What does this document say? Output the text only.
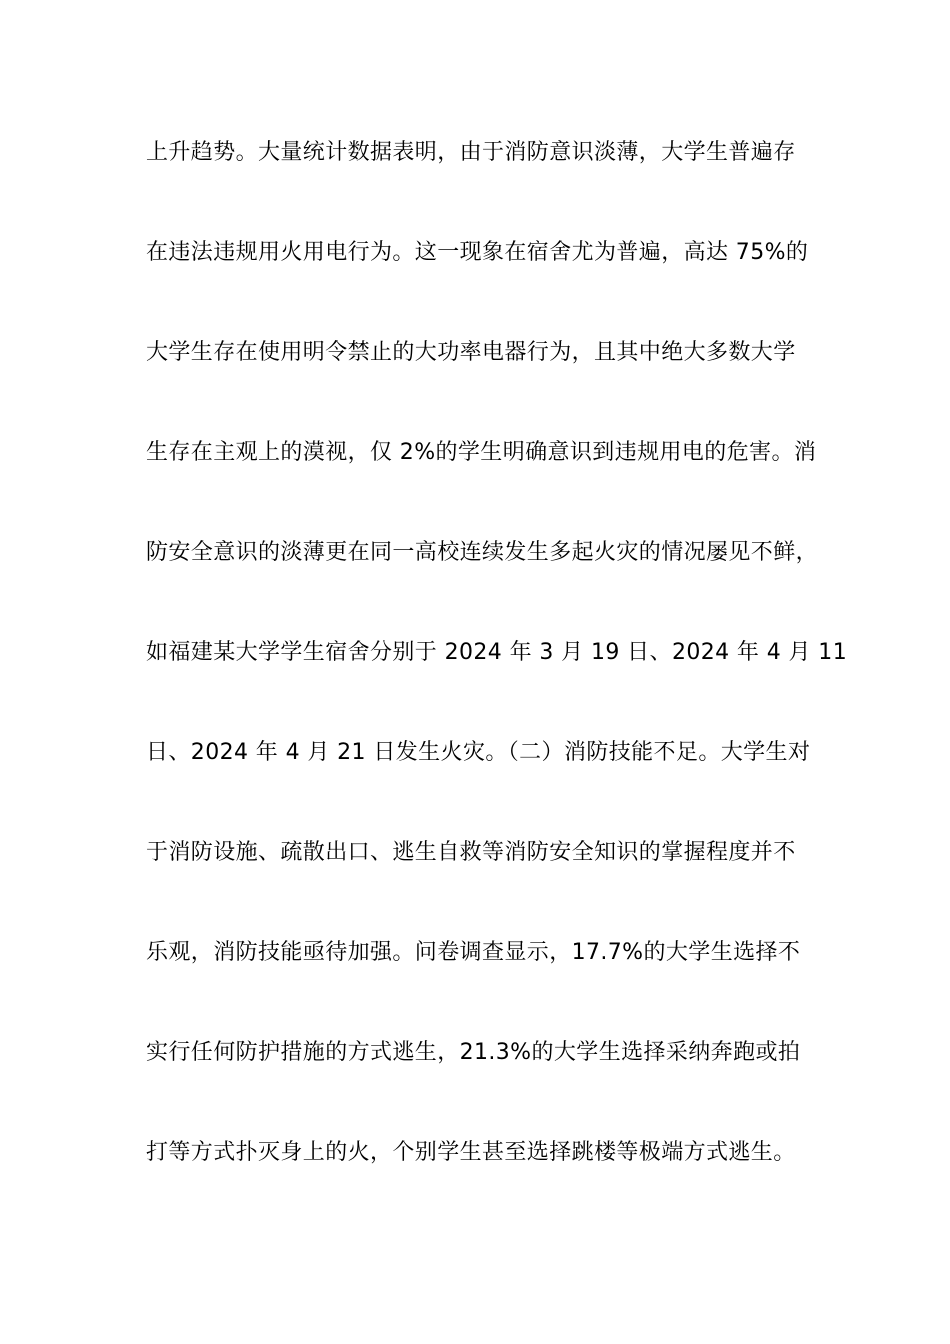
上升趋势。大量统计数据表明，由于消防意识淡薄，大学生普遍存
在违法违规用火用电行为。这一现象在宿舍尤为普遍，高达 75%的
大学生存在使用明令禁止的大功率电器行为，且其中绝大多数大学
生存在主观上的漠视，仅 2%的学生明确意识到违规用电的危害。消
防安全意识的淡薄更在同一高校连续发生多起火灾的情况屡见不鲜，
如福建某大学学生宿舍分别于 2024 年 3 月 19 日、2024 年 4 月 11
日、2024 年 4 月 21 日发生火灾。（二）消防技能不足。大学生对
于消防设施、疏散出口、逃生自救等消防安全知识的掌握程度并不
乐观，消防技能亟待加强。问卷调查显示，17.7%的大学生选择不
实行任何防护措施的方式逃生，21.3%的大学生选择采纳奔跑或拍
打等方式扑灭身上的火，个别学生甚至选择跳楼等极端方式逃生。
